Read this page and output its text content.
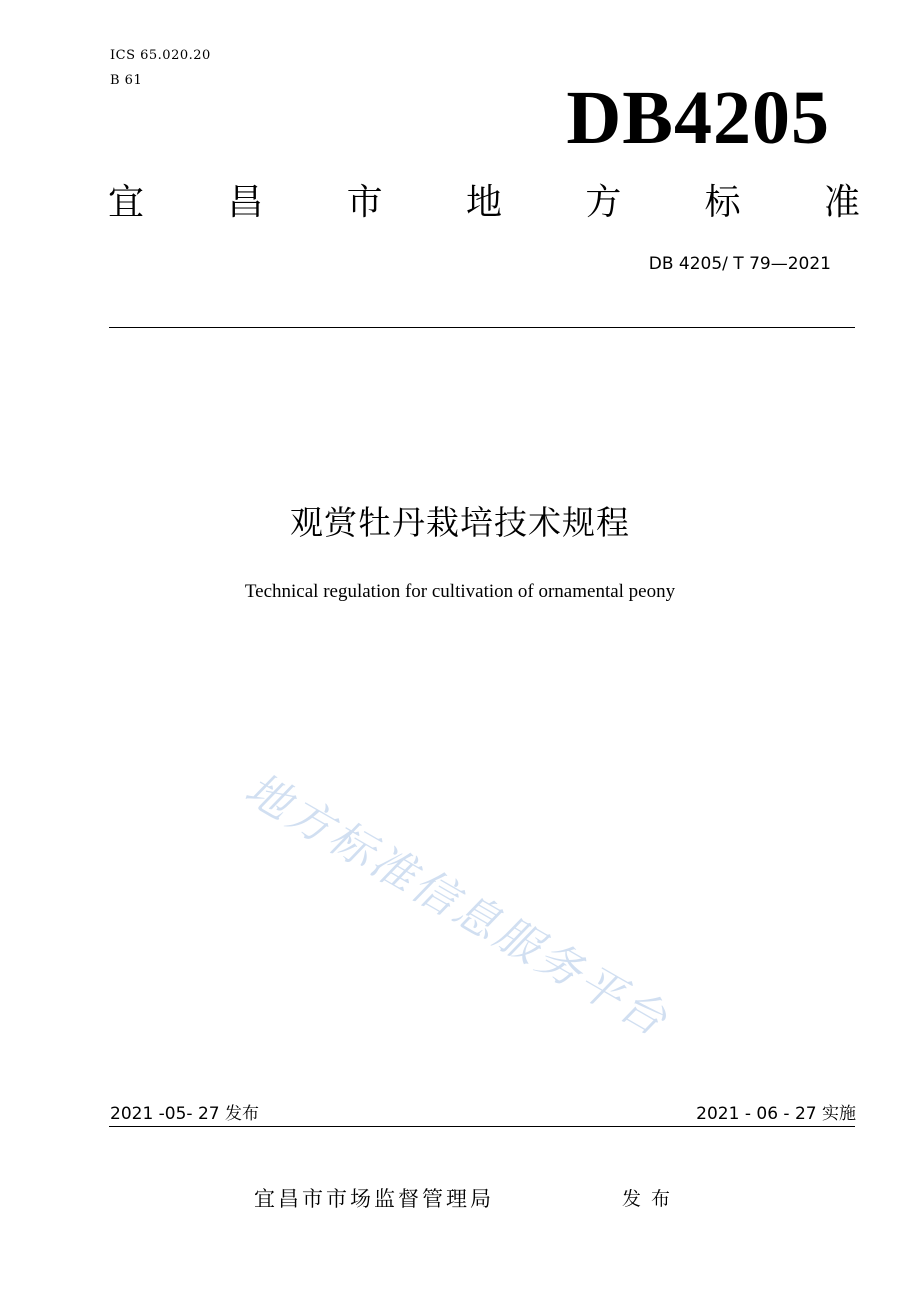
ICS 65.020.20
B 61	DB4205
宜 昌 市 地 方 标 准
DB 4205/ T 79—2021
观赏牡丹栽培技术规程
Technical regulation for cultivation of ornamental peony
地方标准信息服务平台
2021 -05- 27 发布	2021 - 06 - 27 实施
宜昌市市场监督管理局	发布
